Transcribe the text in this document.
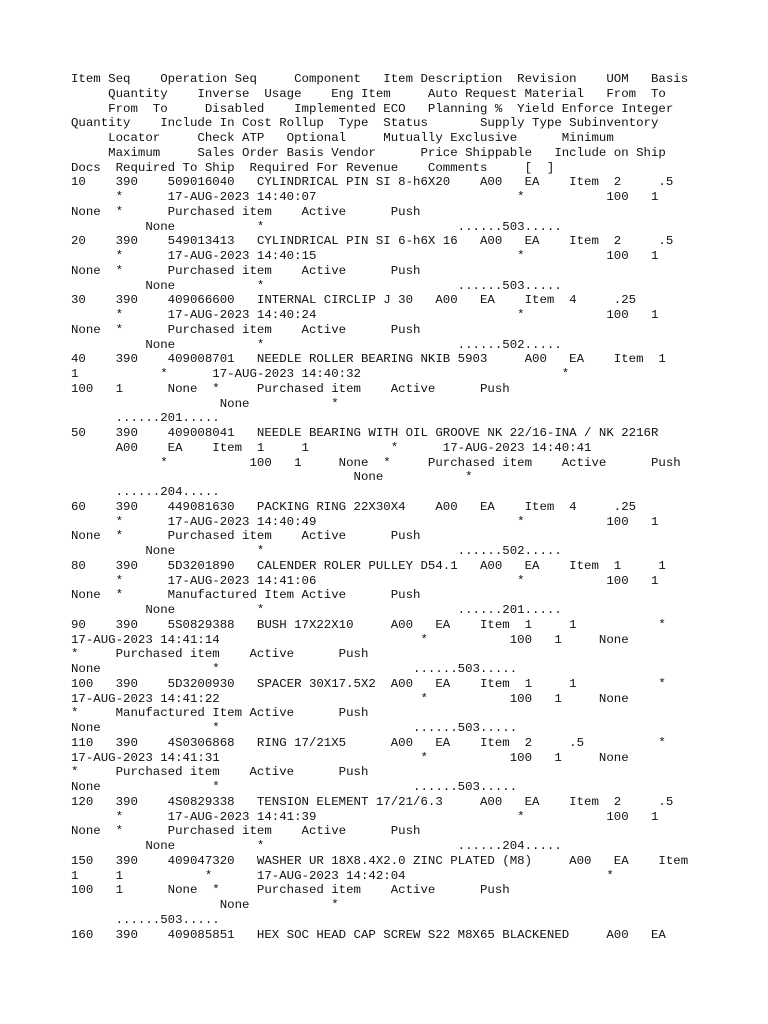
Item Seq    Operation Seq     Component   Item Description  Revision    UOM   Basis
Quantity    Inverse  Usage    Eng Item     Auto Request Material   From  To
From  To     Disabled    Implemented ECO   Planning %  Yield Enforce Integer
Quantity    Include In Cost Rollup  Type  Status       Supply Type Subinventory
Locator     Check ATP   Optional     Mutually Exclusive      Minimum
Maximum     Sales Order Basis Vendor      Price Shippable   Include on Ship
Docs  Required To Ship  Required For Revenue    Comments     [  ]
10    390    509016040   CYLINDRICAL PIN SI 8-h6X20    A00   EA    Item  2     .5
*      17-AUG-2023 14:40:07                           *           100   1
None  *      Purchased item    Active      Push
None           *                          ......503.....
20    390    549013413   CYLINDRICAL PIN SI 6-h6X 16   A00   EA    Item  2     .5
*      17-AUG-2023 14:40:15                           *           100   1
None  *      Purchased item    Active      Push
None           *                          ......503.....
30    390    409066600   INTERNAL CIRCLIP J 30   A00   EA    Item  4     .25
*      17-AUG-2023 14:40:24                           *           100   1
None  *      Purchased item    Active      Push
None           *                          ......502.....
40    390    409008701   NEEDLE ROLLER BEARING NKIB 5903     A00   EA    Item  1
1           *      17-AUG-2023 14:40:32                           *
100   1      None  *     Purchased item    Active      Push
None           *
......201.....
50    390    409008041   NEEDLE BEARING WITH OIL GROOVE NK 22/16-INA / NK 2216R
A00    EA    Item  1     1           *      17-AUG-2023 14:40:41
*           100   1     None  *     Purchased item    Active      Push
None           *
......204.....
60    390    449081630   PACKING RING 22X30X4    A00   EA    Item  4     .25
*      17-AUG-2023 14:40:49                           *           100   1
None  *      Purchased item    Active      Push
None           *                          ......502.....
80    390    5D3201890   CALENDER ROLER PULLEY D54.1   A00   EA    Item  1     1
*      17-AUG-2023 14:41:06                           *           100   1
None  *      Manufactured Item Active      Push
None           *                          ......201.....
90    390    5S0829388   BUSH 17X22X10     A00   EA    Item  1     1           *
17-AUG-2023 14:41:14                           *           100   1     None
*     Purchased item    Active      Push
None               *                          ......503.....
100   390    5D3200930   SPACER 30X17.5X2  A00   EA    Item  1     1           *
17-AUG-2023 14:41:22                           *           100   1     None
*     Manufactured Item Active      Push
None               *                          ......503.....
110   390    4S0306868   RING 17/21X5      A00   EA    Item  2     .5          *
17-AUG-2023 14:41:31                           *           100   1     None
*     Purchased item    Active      Push
None               *                          ......503.....
120   390    4S0829338   TENSION ELEMENT 17/21/6.3     A00   EA    Item  2     .5
*      17-AUG-2023 14:41:39                           *           100   1
None  *      Purchased item    Active      Push
None           *                          ......204.....
150   390    409047320   WASHER UR 18X8.4X2.0 ZINC PLATED (M8)     A00   EA    Item
1     1           *      17-AUG-2023 14:42:04                           *
100   1      None  *     Purchased item    Active      Push
None           *
......503.....
160   390    409085851   HEX SOC HEAD CAP SCREW S22 M8X65 BLACKENED     A00   EA
